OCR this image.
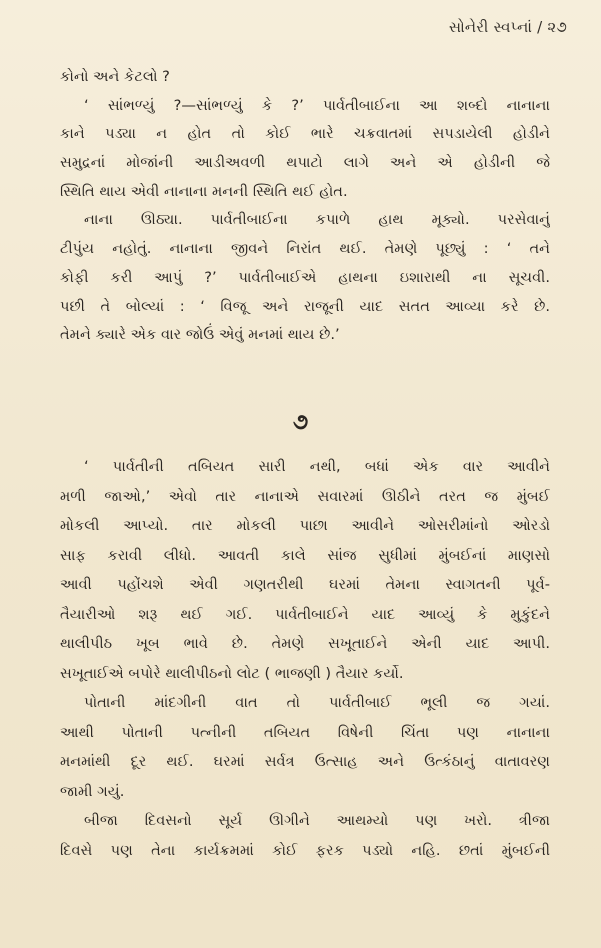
સોનેરી સ્વપ્નાં / ૨૭
કોનો અને કેટલો ?
‘ સાંભળ્યું ?—સાંભળ્યું કે ?’ પાર્વતીબાઈના આ શબ્દો નાનાના
કાને પડ્યા ન હોત તો કોઈ ભારે ચક્રવાતમાં સપડાયેલી હોડીને
સમુદ્રનાં મોજાંની આડીઅવળી થપાટો લાગે અને એ હોડીની જે
સ્થિતિ થાય એવી નાનાના મનની સ્થિતિ થઈ હોત.
નાના ઊઠ્યા. પાર્વતીબાઈના કપાળે હાથ મૂક્યો. પરસેવાનું
ટીપુંય નહોતું. નાનાના જીવને નિરાંત થઈ. તેમણે પૂછ્યું : ‘ તને
કોફી કરી આપું ?’ પાર્વતીબાઈએ હાથના ઇશારાથી ના સૂચવી.
પછી તે બોલ્યાં : ‘ વિજૂ અને રાજૂની યાદ સતત આવ્યા કરે છે.
તેમને ક્યારે એક વાર જોઉં એવું મનમાં થાય છે.’
૭
‘ પાર્વતીની તબિયત સારી નથી, બધાં એક વાર આવીને
મળી જાઓ,’ એવો તાર નાનાએ સવારમાં ઊઠીને તરત જ મુંબઈ
મોકલી આપ્યો. તાર મોકલી પાછા આવીને ઓસરીમાંનો ઓરડો
સાફ કરાવી લીધો. આવતી કાલે સાંજ સુધીમાં મુંબઈનાં માણસો
આવી પહોંચશે એવી ગણતરીથી ઘરમાં તેમના સ્વાગતની પૂર્વ-
તૈયારીઓ શરૂ થઈ ગઈ. પાર્વતીબાઈને યાદ આવ્યું કે મુકુંદને
થાલીપીઠ ખૂબ ભાવે છે. તેમણે સખૂતાઈને એની યાદ આપી.
સખૂતાઈએ બપોરે થાલીપીઠનો લોટ ( ભાજણી ) તૈયાર કર્યો.
પોતાની માંદગીની વાત તો પાર્વતીબાઈ ભૂલી જ ગયાં.
આથી પોતાની પત્નીની તબિયત વિષેની ચિંતા પણ નાનાના
મનમાંથી દૂર થઈ. ઘરમાં સર્વત્ર ઉત્સાહ અને ઉત્કંઠાનું વાતાવરણ
જામી ગયું.
બીજા દિવસનો સૂર્ય ઊગીને આથમ્યો પણ ખરો. ત્રીજા
દિવસે પણ તેના કાર્યક્રમમાં કોઈ ફરક પડ્યો નહિ. છતાં મુંબઈની
